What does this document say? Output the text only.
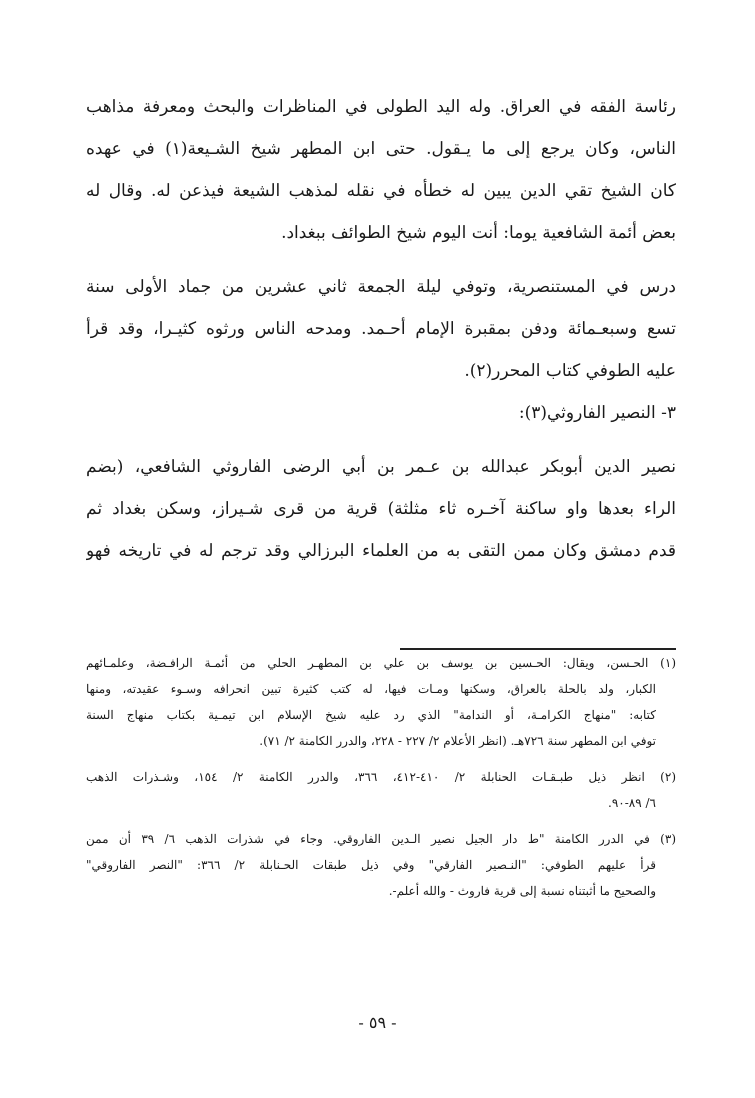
رئاسة الفقه في العراق. وله اليد الطولى في المناظرات والبحث ومعرفة مذاهب
الناس، وكان يرجع إلى ما يـقول. حتى ابن المطهر شيخ الشـيعة(١) في عهده
كان الشيخ تقي الدين يبين له خطأه في نقله لمذهب الشيعة فيذعن له. وقال له
بعض أئمة الشافعية يوما: أنت اليوم شيخ الطوائف ببغداد.
درس في المستنصرية، وتوفي ليلة الجمعة ثاني عشرين من جماد الأولى سنة
تسع وسبعـمائة ودفن بمقبرة الإمام أحـمد. ومدحه الناس ورثوه كثيـرا، وقد قرأ
عليه الطوفي كتاب المحرر(٢).
٣- النصير الفاروثي(٣):
نصير الدين أبوبكر عبدالله بن عـمر بن أبي الرضى الفاروثي الشافعي، (بضم
الراء بعدها واو ساكنة آخـره ثاء مثلثة) قرية من قرى شـيراز، وسكن بغداد ثم
قدم دمشق وكان ممن التقى به من العلماء البرزالي وقد ترجم له في تاريخه فهو
(١) الحـسن، ويقال: الحـسين بن يوسف بن علي بن المطهـر الحلي من أئمـة الرافـضة، وعلمـائهم
الكبار، ولد بالحلة بالعراق، وسكنها ومـات فيها، له كتب كثيرة تبين انحرافه وسـوء عقيدته، ومنها
كتابه: "منهاج الكرامـة، أو الندامة" الذي رد عليه شيخ الإسلام ابن تيمـية بكتاب منهاج السنة
توفي ابن المطهر سنة ٧٢٦هـ. (انظر الأعلام ٢/ ٢٢٧ - ٢٢٨، والدرر الكامنة ٢/ ٧١).
(٢) انظر ذيل طبـقـات الحنابلة ٢/ ٤١٠-٤١٢، ٣٦٦، والدرر الكامنة ٢/ ١٥٤، وشـذرات الذهب
٦/ ٨٩-٩٠.
(٣) في الدرر الكامنة "ط دار الجيل نصير الـدين الفاروقي. وجاء في شذرات الذهب ٦/ ٣٩ أن ممن
قرأ عليهم الطوفي: "النـصير الفارقي" وفي ذيل طبقات الحـنابلة ٢/ ٣٦٦: "النصر الفاروقي"
والصحيح ما أثبتناه نسبة إلى قرية فاروث - والله أعلم-.
- ٥٩ -
